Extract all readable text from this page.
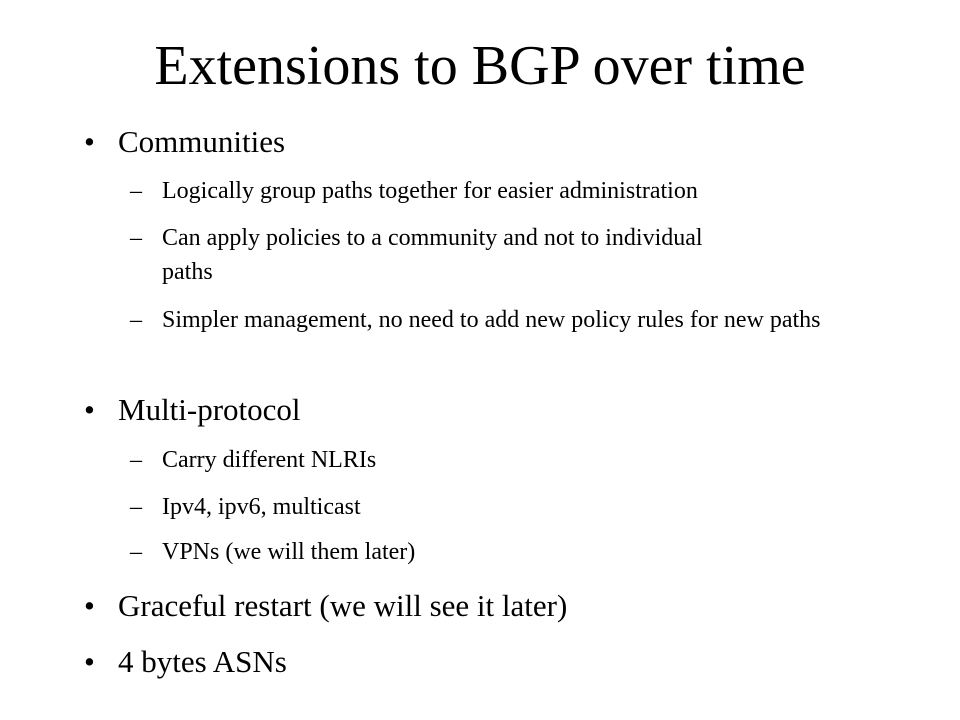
Extensions to BGP over time
• Communities
– Logically group paths together for easier administration
– Can apply policies to a community and not to individual paths
– Simpler management, no need to add new policy rules for new paths
• Multi-protocol
– Carry different NLRIs
– Ipv4, ipv6, multicast
– VPNs (we will them later)
• Graceful restart (we will see it later)
• 4 bytes ASNs
